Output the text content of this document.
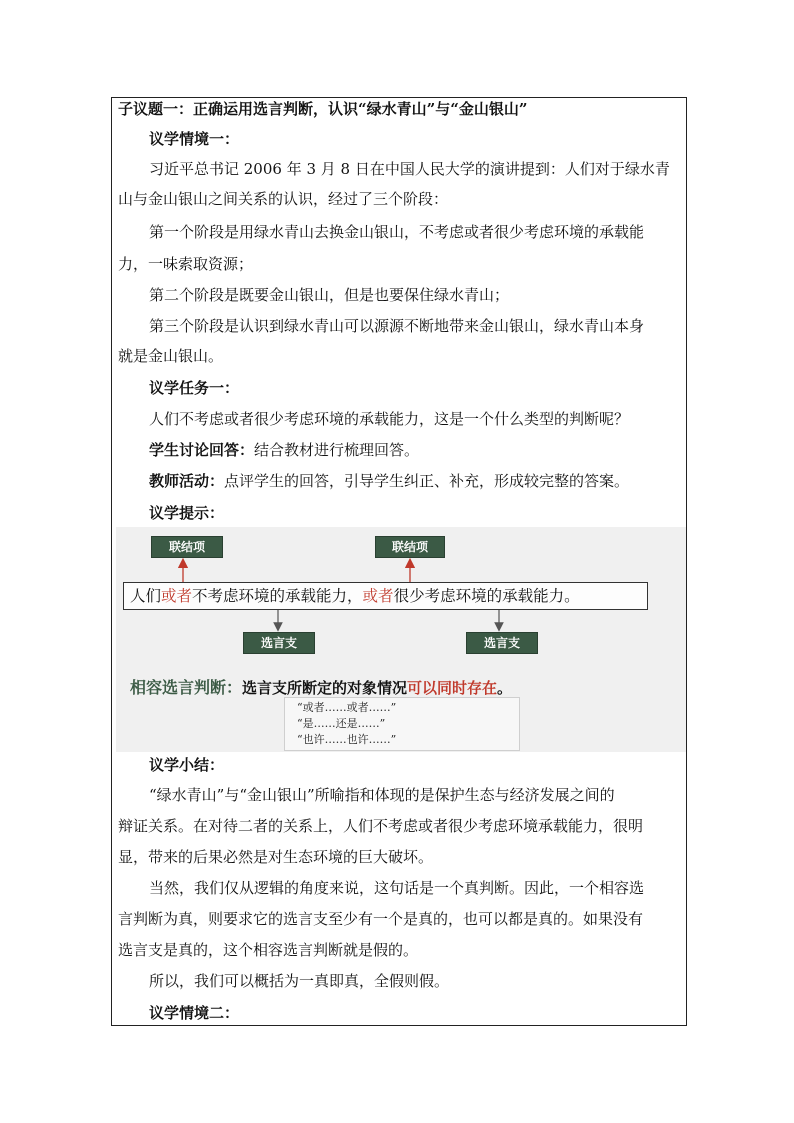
子议题一：正确运用选言判断，认识“绿水青山”与“金山银山”
议学情境一：
习近平总书记 2006 年 3 月 8 日在中国人民大学的演讲提到：人们对于绿水青
山与金山银山之间关系的认识，经过了三个阶段：
第一个阶段是用绿水青山去换金山银山，不考虑或者很少考虑环境的承载能
力，一味索取资源；
第二个阶段是既要金山银山，但是也要保住绿水青山；
第三个阶段是认识到绿水青山可以源源不断地带来金山银山，绿水青山本身
就是金山银山。
议学任务一：
人们不考虑或者很少考虑环境的承载能力，这是一个什么类型的判断呢？
学生讨论回答：结合教材进行梳理回答。
教师活动：点评学生的回答，引导学生纠正、补充，形成较完整的答案。
议学提示：
联结项	联结项
人们或者不考虑环境的承载能力，或者很少考虑环境的承载能力。
选言支	选言支
相容选言判断：选言支所断定的对象情况可以同时存在。
“或者……或者……”
“是……还是……”
“也许……也许……”
议学小结：
“绿水青山”与“金山银山”所喻指和体现的是保护生态与经济发展之间的
辩证关系。在对待二者的关系上，人们不考虑或者很少考虑环境承载能力，很明
显，带来的后果必然是对生态环境的巨大破坏。
当然，我们仅从逻辑的角度来说，这句话是一个真判断。因此，一个相容选
言判断为真，则要求它的选言支至少有一个是真的，也可以都是真的。如果没有
选言支是真的，这个相容选言判断就是假的。
所以，我们可以概括为一真即真，全假则假。
议学情境二：
